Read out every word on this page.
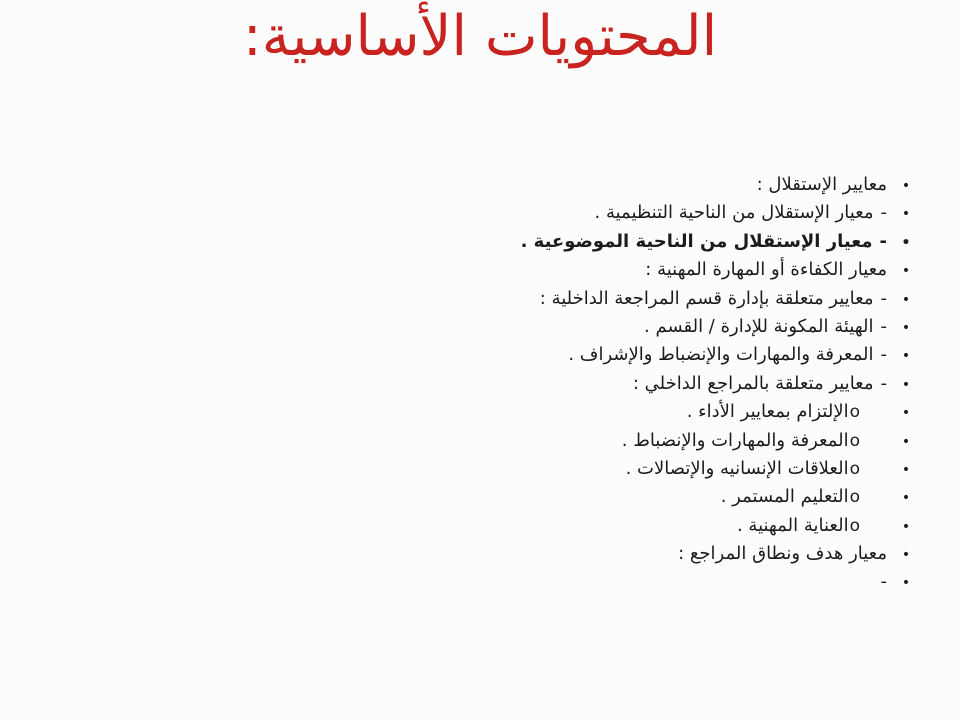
المحتويات الأساسية:
•
معايير الإستقلال :
•
-
معيار الإستقلال من الناحية التنظيمية .
•
-
معيار الإستقلال من الناحية الموضوعية .
•
معيار الكفاءة أو المهارة المهنية :
•
-
معايير متعلقة بإدارة قسم المراجعة الداخلية :
•
-
الهيئة المكونة للإدارة / القسم .
•
-
المعرفة والمهارات والإنضباط والإشراف .
•
-
معايير متعلقة بالمراجع الداخلي :
•
o
الإلتزام بمعايير الأداء .
•
o
المعرفة والمهارات والإنضباط .
•
o
العلاقات الإنسانيه والإتصالات .
•
o
التعليم المستمر .
•
o
العناية المهنية .
•
معيار هدف ونطاق المراجع :
•
-
